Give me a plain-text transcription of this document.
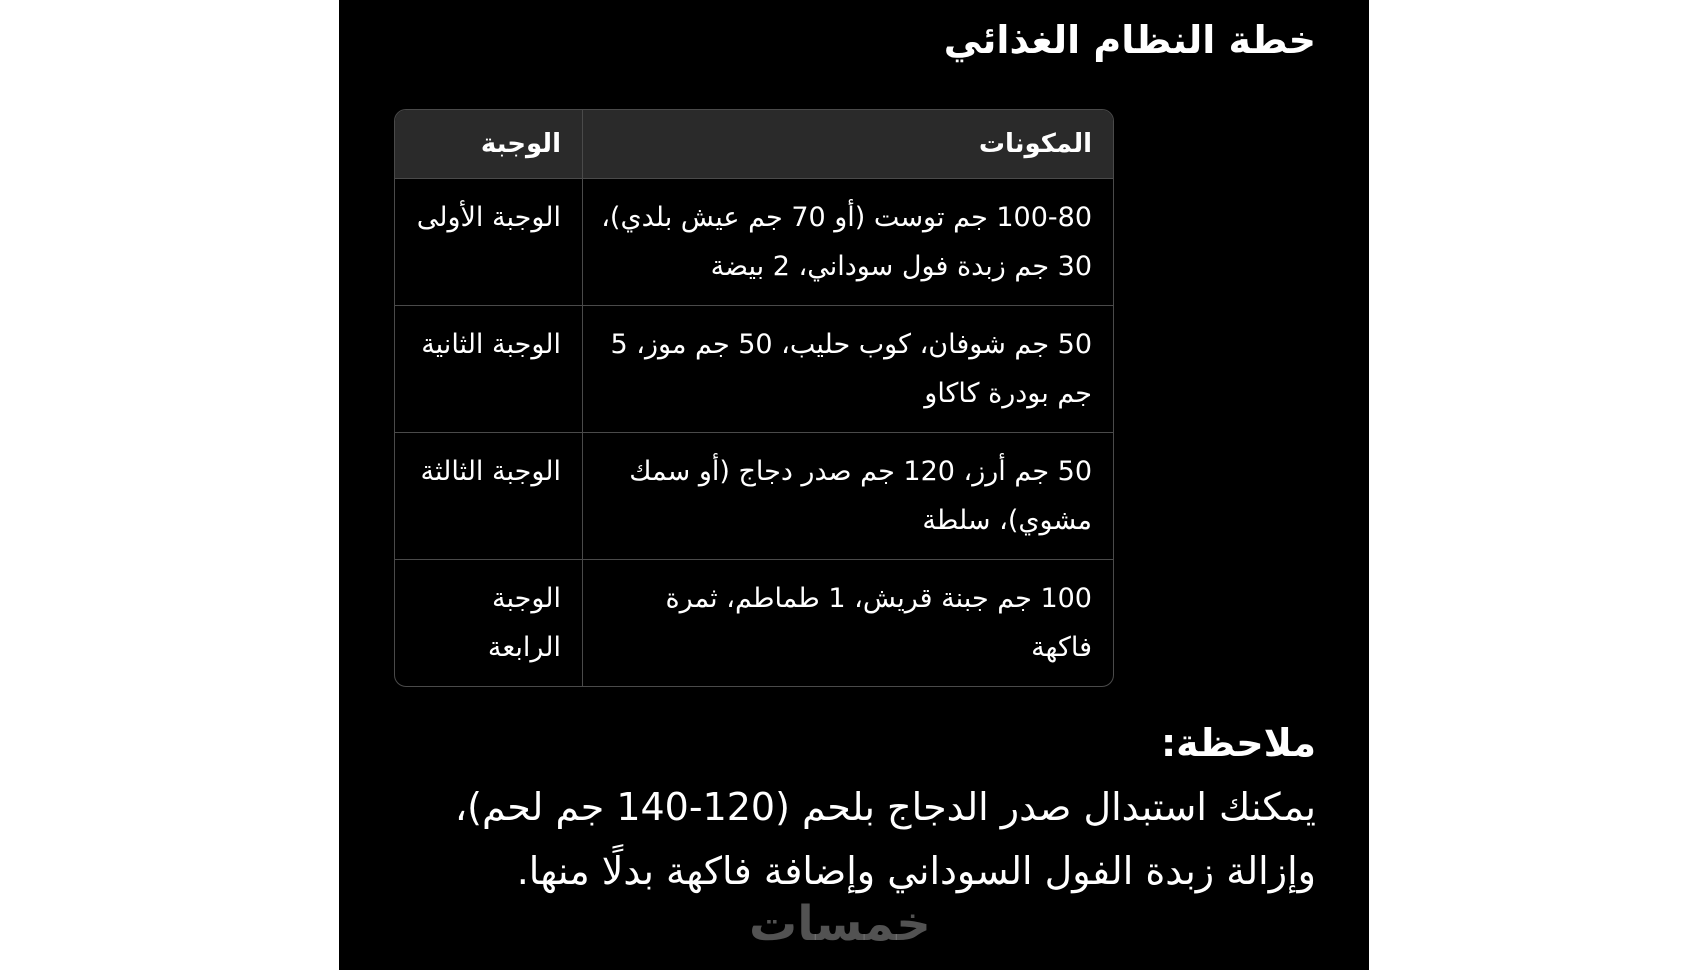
خطة النظام الغذائي
المكونات	الوجبة
100-80 جم توست (أو 70 جم عيش بلدي)، 30 جم زبدة فول سوداني، 2 بيضة	الوجبة الأولى
50 جم شوفان، كوب حليب، 50 جم موز، 5 جم بودرة كاكاو	الوجبة الثانية
50 جم أرز، 120 جم صدر دجاج (أو سمك مشوي)، سلطة	الوجبة الثالثة
100 جم جبنة قريش، 1 طماطم، ثمرة فاكهة	الوجبة الرابعة
ملاحظة:

يمكنك استبدال صدر الدجاج بلحم (120-140 جم لحم)، وإزالة زبدة الفول السوداني وإضافة فاكهة بدلًا منها.

خمسات
